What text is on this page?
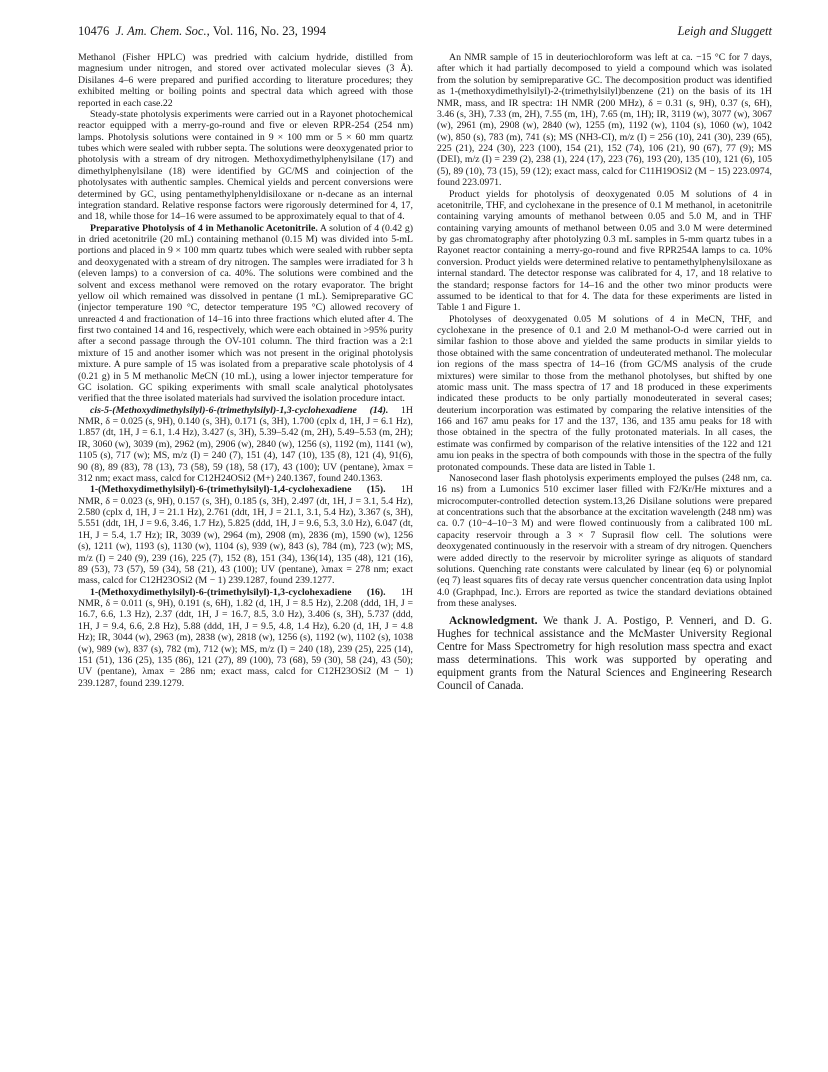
10476 J. Am. Chem. Soc., Vol. 116, No. 23, 1994	Leigh and Sluggett

Methanol (Fisher HPLC) was predried with calcium hydride, distilled from magnesium under nitrogen, and stored over activated molecular sieves (3 Å). Disilanes 4–6 were prepared and purified according to literature procedures; they exhibited melting or boiling points and spectral data which agreed with those reported in each case.22

Steady-state photolysis experiments were carried out in a Rayonet photochemical reactor equipped with a merry-go-round and five or eleven RPR-254 (254 nm) lamps. Photolysis solutions were contained in 9 × 100 mm or 5 × 60 mm quartz tubes which were sealed with rubber septa. The solutions were deoxygenated prior to photolysis with a stream of dry nitrogen. Methoxydimethylphenylsilane (17) and dimethylphenylsilane (18) were identified by GC/MS and coinjection of the photolysates with authentic samples. Chemical yields and percent conversions were determined by GC, using pentamethylphenyldisiloxane or n-decane as an internal integration standard. Relative response factors were rigorously determined for 4, 17, and 18, while those for 14–16 were assumed to be approximately equal to that of 4.

Preparative Photolysis of 4 in Methanolic Acetonitrile. A solution of 4 (0.42 g) in dried acetonitrile (20 mL) containing methanol (0.15 M) was divided into 5-mL portions and placed in 9 × 100 mm quartz tubes which were sealed with rubber septa and deoxygenated with a stream of dry nitrogen. The samples were irradiated for 3 h (eleven lamps) to a conversion of ca. 40%. The solutions were combined and the solvent and excess methanol were removed on the rotary evaporator. The bright yellow oil which remained was dissolved in pentane (1 mL). Semipreparative GC (injector temperature 190 °C, detector temperature 195 °C) allowed recovery of unreacted 4 and fractionation of 14–16 into three fractions which eluted after 4. The first two contained 14 and 16, respectively, which were each obtained in >95% purity after a second passage through the OV-101 column. The third fraction was a 2:1 mixture of 15 and another isomer which was not present in the original photolysis mixture. A pure sample of 15 was isolated from a preparative scale photolysis of 4 (0.21 g) in 5 M methanolic MeCN (10 mL), using a lower injector temperature for GC isolation. GC spiking experiments with small scale analytical photolysates verified that the three isolated materials had survived the isolation procedure intact.

cis-5-(Methoxydimethylsilyl)-6-(trimethylsilyl)-1,3-cyclohexadiene (14). 1H NMR, δ = 0.025 (s, 9H), 0.140 (s, 3H), 0.171 (s, 3H), 1.700 (cplx d, 1H, J = 6.1 Hz), 1.857 (dt, 1H, J = 6.1, 1.4 Hz), 3.427 (s, 3H), 5.39–5.42 (m, 2H), 5.49–5.53 (m, 2H); IR, 3060 (w), 3039 (m), 2962 (m), 2906 (w), 2840 (w), 1256 (s), 1192 (m), 1141 (w), 1105 (s), 717 (w); MS, m/z (I) = 240 (7), 151 (4), 147 (10), 135 (8), 121 (4), 91(6), 90 (8), 89 (83), 78 (13), 73 (58), 59 (18), 58 (17), 43 (100); UV (pentane), λmax = 312 nm; exact mass, calcd for C12H24OSi2 (M+) 240.1367, found 240.1363.

1-(Methoxydimethylsilyl)-6-(trimethylsilyl)-1,4-cyclohexadiene (15). 1H NMR, δ = 0.023 (s, 9H), 0.157 (s, 3H), 0.185 (s, 3H), 2.497 (dt, 1H, J = 3.1, 5.4 Hz), 2.580 (cplx d, 1H, J = 21.1 Hz), 2.761 (ddt, 1H, J = 21.1, 3.1, 5.4 Hz), 3.367 (s, 3H), 5.551 (ddt, 1H, J = 9.6, 3.46, 1.7 Hz), 5.825 (ddd, 1H, J = 9.6, 5.3, 3.0 Hz), 6.047 (dt, 1H, J = 5.4, 1.7 Hz); IR, 3039 (w), 2964 (m), 2908 (m), 2836 (m), 1590 (w), 1256 (s), 1211 (w), 1193 (s), 1130 (w), 1104 (s), 939 (w), 843 (s), 784 (m), 723 (w); MS, m/z (I) = 240 (9), 239 (16), 225 (7), 152 (8), 151 (34), 136(14), 135 (48), 121 (16), 89 (53), 73 (57), 59 (34), 58 (21), 43 (100); UV (pentane), λmax = 278 nm; exact mass, calcd for C12H23OSi2 (M − 1) 239.1287, found 239.1277.

1-(Methoxydimethylsilyl)-6-(trimethylsilyl)-1,3-cyclohexadiene (16). 1H NMR, δ = 0.011 (s, 9H), 0.191 (s, 6H), 1.82 (d, 1H, J = 8.5 Hz), 2.208 (ddd, 1H, J = 16.7, 6.6, 1.3 Hz), 2.37 (ddt, 1H, J = 16.7, 8.5, 3.0 Hz), 3.406 (s, 3H), 5.737 (ddd, 1H, J = 9.4, 6.6, 2.8 Hz), 5.88 (ddd, 1H, J = 9.5, 4.8, 1.4 Hz), 6.20 (d, 1H, J = 4.8 Hz); IR, 3044 (w), 2963 (m), 2838 (w), 2818 (w), 1256 (s), 1192 (w), 1102 (s), 1038 (w), 989 (w), 837 (s), 782 (m), 712 (w); MS, m/z (I) = 240 (18), 239 (25), 225 (14), 151 (51), 136 (25), 135 (86), 121 (27), 89 (100), 73 (68), 59 (30), 58 (24), 43 (50); UV (pentane), λmax = 286 nm; exact mass, calcd for C12H23OSi2 (M − 1) 239.1287, found 239.1279.

An NMR sample of 15 in deuteriochloroform was left at ca. −15 °C for 7 days, after which it had partially decomposed to yield a compound which was isolated from the solution by semipreparative GC. The decomposition product was identified as 1-(methoxydimethylsilyl)-2-(trimethylsilyl)benzene (21) on the basis of its 1H NMR, mass, and IR spectra: 1H NMR (200 MHz), δ = 0.31 (s, 9H), 0.37 (s, 6H), 3.46 (s, 3H), 7.33 (m, 2H), 7.55 (m, 1H), 7.65 (m, 1H); IR, 3119 (w), 3077 (w), 3067 (w), 2961 (m), 2908 (w), 2840 (w), 1255 (m), 1192 (w), 1104 (s), 1060 (w), 1042 (w), 850 (s), 783 (m), 741 (s); MS (NH3-CI), m/z (I) = 256 (10), 241 (30), 239 (65), 225 (21), 224 (30), 223 (100), 154 (21), 152 (74), 106 (21), 90 (67), 77 (9); MS (DEI), m/z (I) = 239 (2), 238 (1), 224 (17), 223 (76), 193 (20), 135 (10), 121 (6), 105 (5), 89 (10), 73 (15), 59 (12); exact mass, calcd for C11H19OSi2 (M − 15) 223.0974, found 223.0971.

Product yields for photolysis of deoxygenated 0.05 M solutions of 4 in acetonitrile, THF, and cyclohexane in the presence of 0.1 M methanol, in acetonitrile containing varying amounts of methanol between 0.05 and 5.0 M, and in THF containing varying amounts of methanol between 0.05 and 3.0 M were determined by gas chromatography after photolyzing 0.3 mL samples in 5-mm quartz tubes in a Rayonet reactor containing a merry-go-round and five RPR254A lamps to ca. 10% conversion. Product yields were determined relative to pentamethylphenylsiloxane as internal standard. The detector response was calibrated for 4, 17, and 18 relative to the standard; response factors for 14–16 and the other two minor products were assumed to be identical to that for 4. The data for these experiments are listed in Table 1 and Figure 1.

Photolyses of deoxygenated 0.05 M solutions of 4 in MeCN, THF, and cyclohexane in the presence of 0.1 and 2.0 M methanol-O-d were carried out in similar fashion to those above and yielded the same products in similar yields to those obtained with the same concentration of undeuterated methanol. The molecular ion regions of the mass spectra of 14–16 (from GC/MS analysis of the crude mixtures) were similar to those from the methanol photolyses, but shifted by one atomic mass unit. The mass spectra of 17 and 18 produced in these experiments indicated these products to be only partially monodeuterated in several cases; deuterium incorporation was estimated by comparing the relative intensities of the 166 and 167 amu peaks for 17 and the 137, 136, and 135 amu peaks for 18 with those obtained in the spectra of the fully protonated materials. In all cases, the estimate was confirmed by comparison of the relative intensities of the 122 and 121 amu ion peaks in the spectra of both compounds with those in the spectra of the fully protonated compounds. These data are listed in Table 1.

Nanosecond laser flash photolysis experiments employed the pulses (248 nm, ca. 16 ns) from a Lumonics 510 excimer laser filled with F2/Kr/He mixtures and a microcomputer-controlled detection system.13,26 Disilane solutions were prepared at concentrations such that the absorbance at the excitation wavelength (248 nm) was ca. 0.7 (10−4–10−3 M) and were flowed continuously from a calibrated 100 mL capacity reservoir through a 3 × 7 Suprasil flow cell. The solutions were deoxygenated continuously in the reservoir with a stream of dry nitrogen. Quenchers were added directly to the reservoir by microliter syringe as aliquots of standard solutions. Quenching rate constants were calculated by linear (eq 6) or polynomial (eq 7) least squares fits of decay rate versus quencher concentration data using Inplot 4.0 (Graphpad, Inc.). Errors are reported as twice the standard deviations obtained from these analyses.

Acknowledgment. We thank J. A. Postigo, P. Venneri, and D. G. Hughes for technical assistance and the McMaster University Regional Centre for Mass Spectrometry for high resolution mass spectra and exact mass determinations. This work was supported by operating and equipment grants from the Natural Sciences and Engineering Research Council of Canada.
